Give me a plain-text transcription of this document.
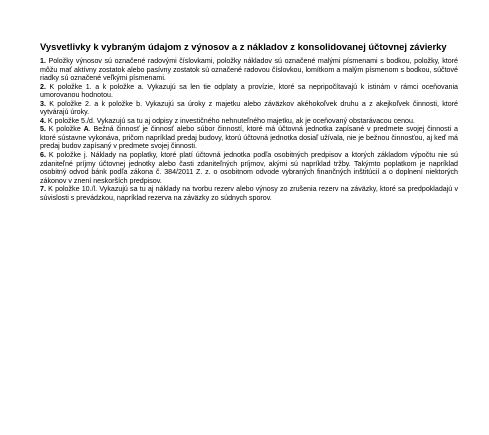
Vysvetlivky k vybraným údajom z výnosov a z nákladov z konsolidovanej účtovnej závierky

1. Položky výnosov sú označené radovými číslovkami, položky nákladov sú označené malými písmenami s bodkou, položky, ktoré môžu mať aktívny zostatok alebo pasívny zostatok sú označené radovou číslovkou, lomítkom a malým písmenom s bodkou, súčtové riadky sú označené veľkými písmenami.

2. K položke 1. a k položke a. Vykazujú sa len tie odplaty a provízie, ktoré sa nepripočítavajú k istinám v rámci oceňovania umorovanou hodnotou.

3. K položke 2. a k položke b. Vykazujú sa úroky z majetku alebo záväzkov akéhokoľvek druhu a z akejkoľvek činnosti, ktoré vytvárajú úroky.

4. K položke 5./d. Vykazujú sa tu aj odpisy z investičného nehnuteľného majetku, ak je oceňovaný obstarávacou cenou.

5. K položke A. Bežná činnosť je činnosť alebo súbor činností, ktoré má účtovná jednotka zapísané v predmete svojej činnosti a ktoré sústavne vykonáva, pričom napríklad predaj budovy, ktorú účtovná jednotka dosiaľ užívala, nie je bežnou činnosťou, aj keď má predaj budov zapísaný v predmete svojej činnosti.

6. K položke j. Náklady na poplatky, ktoré platí účtovná jednotka podľa osobitných predpisov a ktorých základom výpočtu nie sú zdaniteľné príjmy účtovnej jednotky alebo časti zdaniteľných príjmov, akými sú napríklad tržby. Takýmto poplatkom je napríklad osobitný odvod bánk podľa zákona č. 384/2011 Z. z. o osobitnom odvode vybraných finančných inštitúcií a o doplnení niektorých zákonov v znení neskorších predpisov.

7. K položke 10./l. Vykazujú sa tu aj náklady na tvorbu rezerv alebo výnosy zo zrušenia rezerv na záväzky, ktoré sa predpokladajú v súvislosti s prevádzkou, napríklad rezerva na záväzky zo súdnych sporov.
